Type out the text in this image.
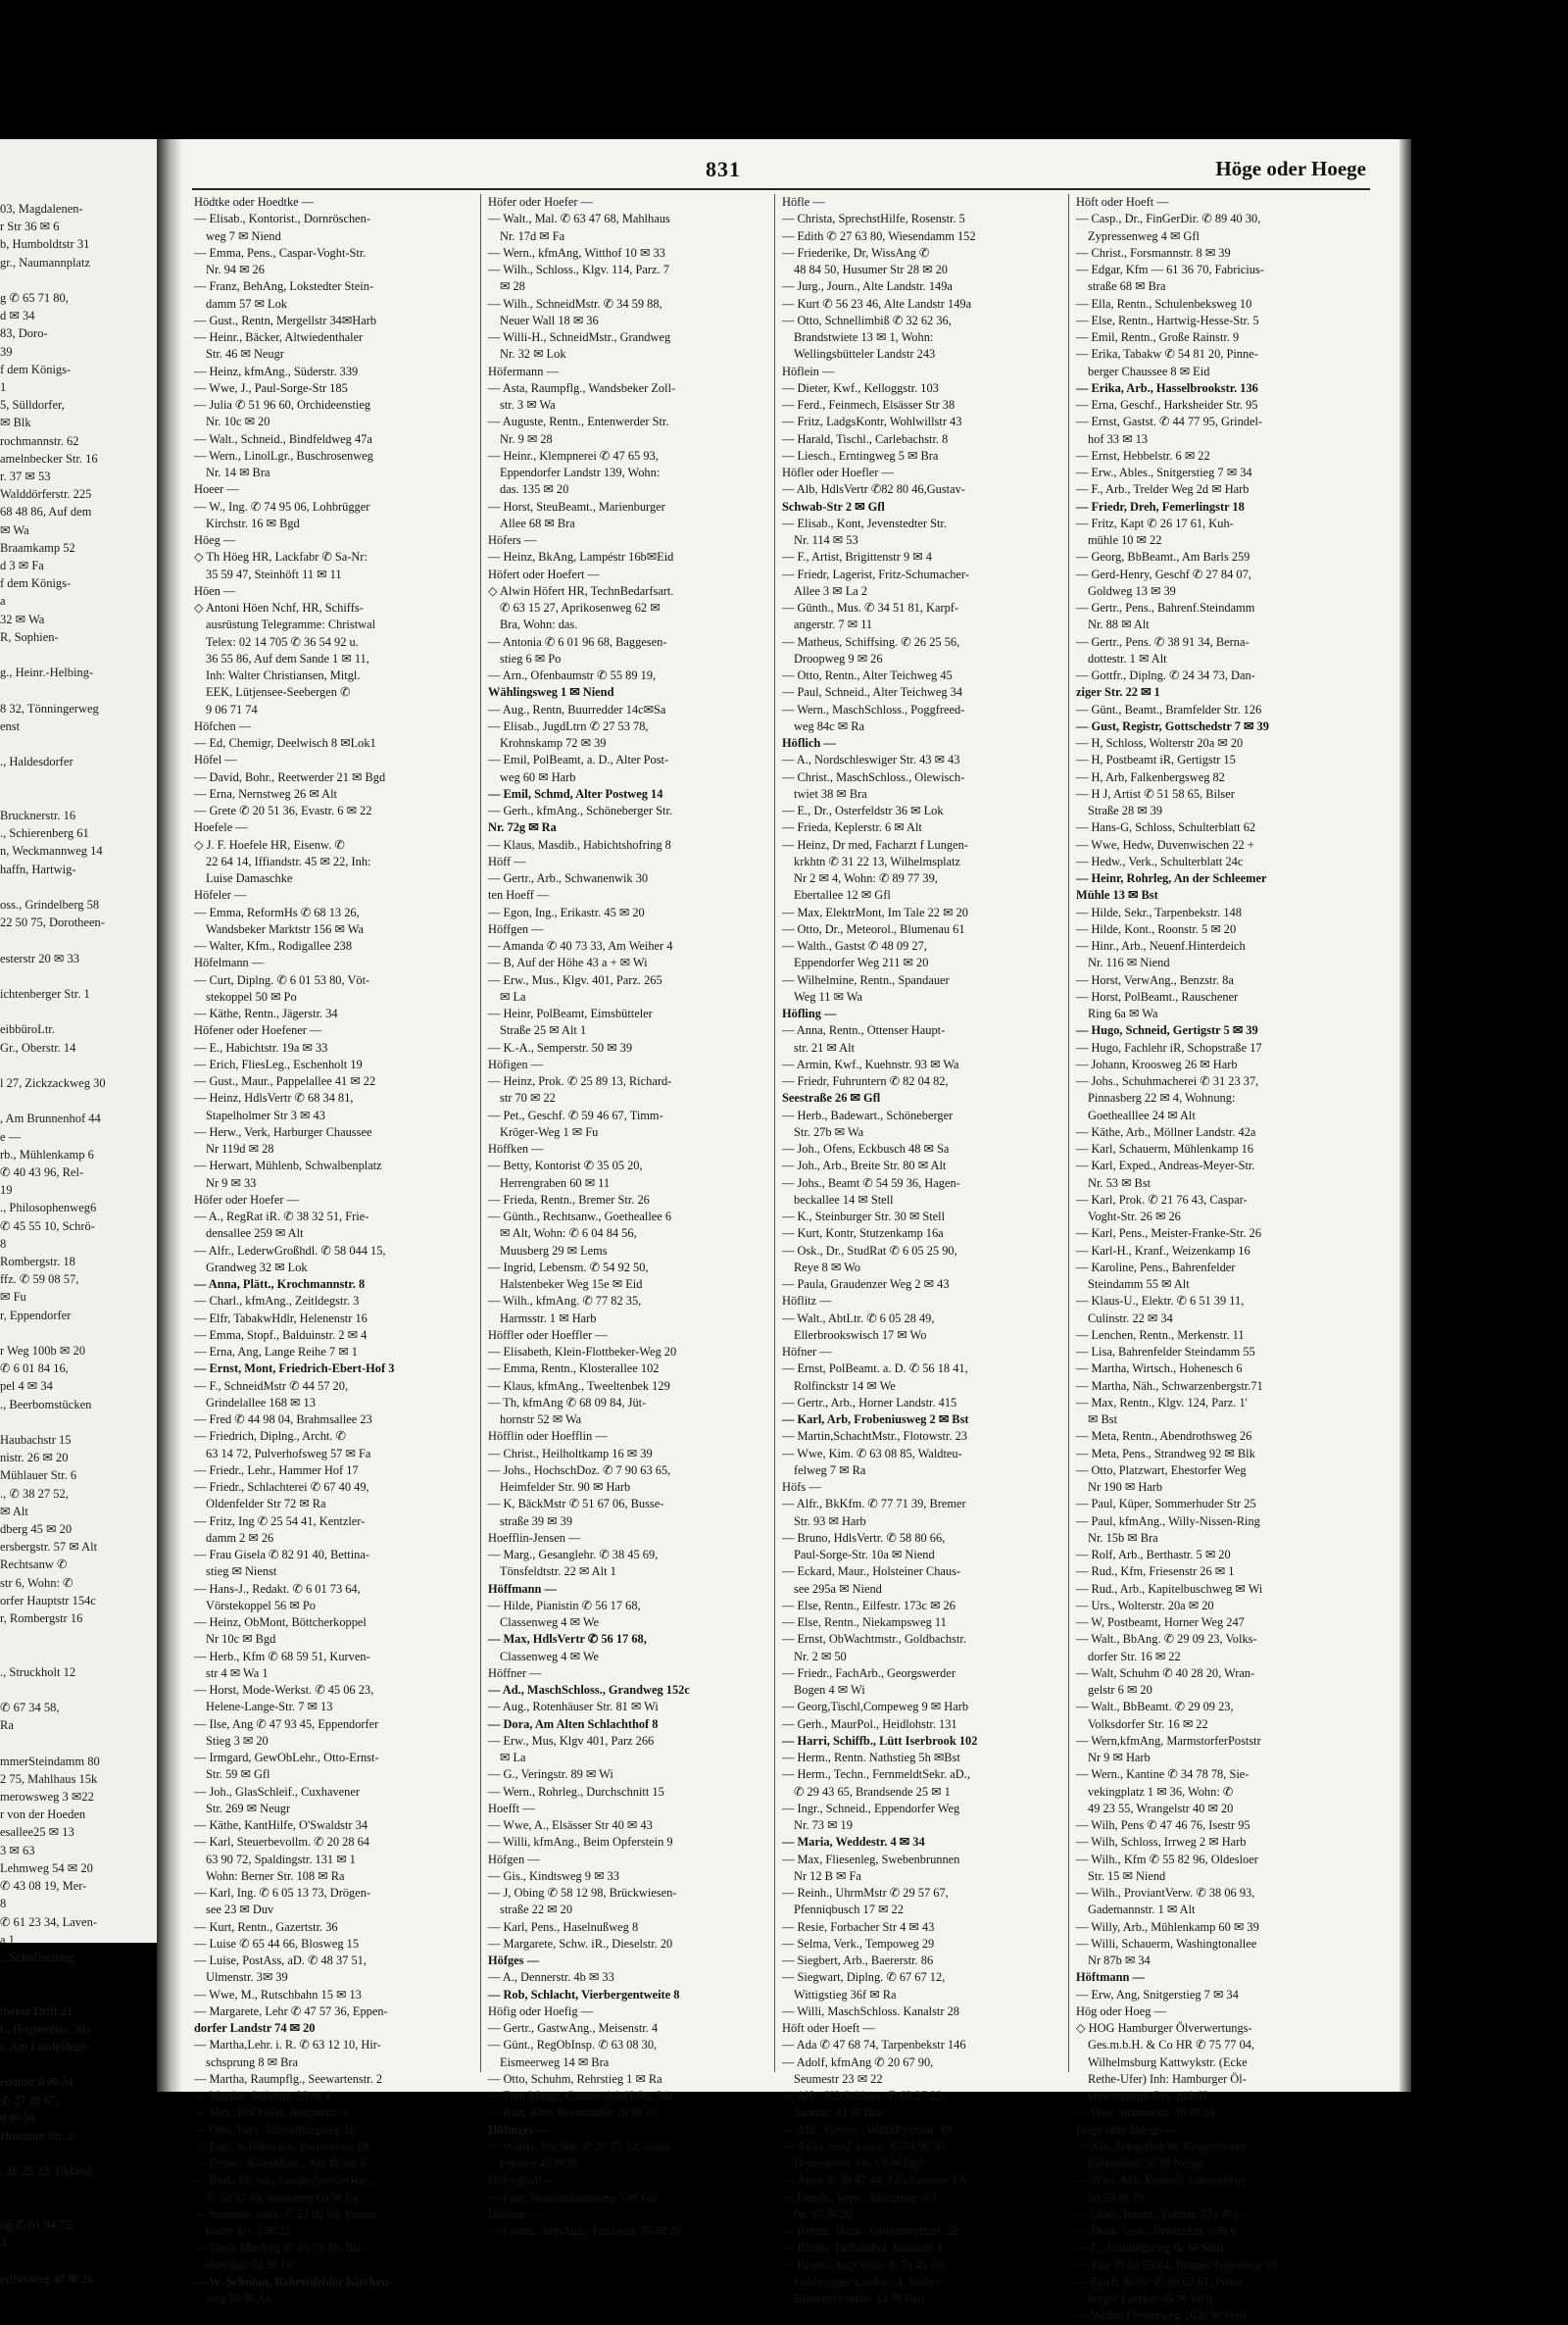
03, Magdalenen-
r Str 36 ✉ 6
b, Humboldtstr 31
gr., Naumannplatz

g ✆ 65 71 80,
d ✉ 34
83, Doro-
39
f dem Königs-
1
5, Sülldorfer,
✉ Blk
rochmannstr. 62
amelnbecker Str. 16
r. 37 ✉ 53
Walddörferstr. 225
68 48 86, Auf dem
✉ Wa
Braamkamp 52
d 3 ✉ Fa
f dem Königs-
a
32 ✉ Wa
R, Sophien-

g., Heinr.-Helbing-

8 32, Tönningerweg
enst

., Haldesdorfer

Brucknerstr. 16
., Schierenberg 61
n, Weckmannweg 14
haffn, Hartwig-

oss., Grindelberg 58
22 50 75, Dorotheen-

esterstr 20 ✉ 33

ichtenberger Str. 1

eibbüroLtr.
Gr., Oberstr. 14

l 27, Zickzackweg 30

, Am Brunnenhof 44
e —
rb., Mühlenkamp 6
✆ 40 43 96, Rel-
19
., Philosophenweg6
✆ 45 55 10, Schrö-
8
Rombergstr. 18
ffz. ✆ 59 08 57,
✉ Fu
r, Eppendorfer

r Weg 100b ✉ 20
✆ 6 01 84 16,
pel 4 ✉ 34
., Beerbomstücken

Haubachstr 15
nistr. 26 ✉ 20
Mühlauer Str. 6
., ✆ 38 27 52,
✉ Alt
dberg 45 ✉ 20
ersbergstr. 57 ✉ Alt
Rechtsanw ✆
str 6, Wohn: ✆
orfer Hauptstr 154c
r, Rombergstr 16

., Struckholt 12

✆ 67 34 58,
Ra

mmerSteindamm 80
2 75, Mahlhaus 15k
merowsweg 3 ✉22
r von der Hoeden
esallee25 ✉ 13
3 ✉ 63
Lehmweg 54 ✉ 20
✆ 43 08 19, Mer-
8
✆ 61 23 34, Laven-
a 1
., Schöfferstieg

tbeker Drift 21
r., Hogrevestr. 30a
r, Am Landpflege-

eddestr 8 ✉ 34
✆ 27 26 67,
8 ✉ 34
Husumer Str. 2

, 26 25 23, Uhland-

ng ✆ 61 94 75,
3

erthesweg 40 ✉ 26
831	Höge oder Hoege
Hödtke oder Hoedtke —
— Elisab., Kontorist., Dornröschen-
weg 7 ✉ Niend
— Emma, Pens., Caspar-Voght-Str.
Nr. 94 ✉ 26
— Franz, BehAng, Lokstedter Stein-
damm 57 ✉ Lok
— Gust., Rentn, Mergellstr 34✉Harb
— Heinr., Bäcker, Altwiedenthaler
Str. 46 ✉ Neugr
— Heinz, kfmAng., Süderstr. 339
— Wwe, J., Paul-Sorge-Str 185
— Julia ✆ 51 96 60, Orchideenstieg
Nr. 10c ✉ 20
— Walt., Schneid., Bindfeldweg 47a
— Wern., LinolLgr., Buschrosenweg
Nr. 14 ✉ Bra
Hoeer —
— W., Ing. ✆ 74 95 06, Lohbrügger
Kirchstr. 16 ✉ Bgd
Höeg —
◇ Th Höeg HR, Lackfabr ✆ Sa-Nr:
35 59 47, Steinhöft 11 ✉ 11
Höen —
◇ Antoni Höen Nchf, HR, Schiffs-
ausrüstung Telegramme: Christwal
Telex: 02 14 705 ✆ 36 54 92 u.
36 55 86, Auf dem Sande 1 ✉ 11,
Inh: Walter Christiansen, Mitgl.
EEK, Lütjensee-Seebergen ✆
9 06 71 74
Höfchen —
— Ed, Chemigr, Deelwisch 8 ✉Lok1
Höfel —
— David, Bohr., Reetwerder 21 ✉ Bgd
— Erna, Nernstweg 26 ✉ Alt
— Grete ✆ 20 51 36, Evastr. 6 ✉ 22
Hoefele —
◇ J. F. Hoefele HR, Eisenw. ✆
22 64 14, Iffiandstr. 45 ✉ 22, Inh:
Luise Damaschke
Höfeler —
— Emma, ReformHs ✆ 68 13 26,
Wandsbeker Marktstr 156 ✉ Wa
— Walter, Kfm., Rodigallee 238
Höfelmann —
— Curt, Diplng. ✆ 6 01 53 80, Vöt-
stekoppel 50 ✉ Po
— Käthe, Rentn., Jägerstr. 34
Höfener oder Hoefener —
— E., Habichtstr. 19a ✉ 33
— Erich, FliesLeg., Eschenholt 19
— Gust., Maur., Pappelallee 41 ✉ 22
— Heinz, HdlsVertr ✆ 68 34 81,
Stapelholmer Str 3 ✉ 43
— Herw., Verk, Harburger Chaussee
Nr 119d ✉ 28
— Herwart, Mühlenb, Schwalbenplatz
Nr 9 ✉ 33
Höfer oder Hoefer —
— A., RegRat iR. ✆ 38 32 51, Frie-
densallee 259 ✉ Alt
— Alfr., LederwGroßhdl. ✆ 58 044 15,
Grandweg 32 ✉ Lok
— Anna, Plätt., Krochmannstr. 8
— Charl., kfmAng., Zeitldegstr. 3
— Elfr, TabakwHdlr, Helenenstr 16
— Emma, Stopf., Balduinstr. 2 ✉ 4
— Erna, Ang, Lange Reihe 7 ✉ 1
— Ernst, Mont, Friedrich-Ebert-Hof 3
— F., SchneidMstr ✆ 44 57 20,
Grindelallee 168 ✉ 13
— Fred ✆ 44 98 04, Brahmsallee 23
— Friedrich, Diplng., Archt. ✆
63 14 72, Pulverhofsweg 57 ✉ Fa
— Friedr., Lehr., Hammer Hof 17
— Friedr., Schlachterei ✆ 67 40 49,
Oldenfelder Str 72 ✉ Ra
— Fritz, Ing ✆ 25 54 41, Kentzler-
damm 2 ✉ 26
— Frau Gisela ✆ 82 91 40, Bettina-
stieg ✉ Nienst
— Hans-J., Redakt. ✆ 6 01 73 64,
Vörstekoppel 56 ✉ Po
— Heinz, ObMont, Böttcherkoppel
Nr 10c ✉ Bgd
— Herb., Kfm ✆ 68 59 51, Kurven-
str 4 ✉ Wa 1
— Horst, Mode-Werkst. ✆ 45 06 23,
Helene-Lange-Str. 7 ✉ 13
— Ilse, Ang ✆ 47 93 45, Eppendorfer
Stieg 3 ✉ 20
— Irmgard, GewObLehr., Otto-Ernst-
Str. 59 ✉ Gfl
— Joh., GlasSchleif., Cuxhavener
Str. 269 ✉ Neugr
— Käthe, KantHilfe, O'Swaldstr 34
— Karl, Steuerbevollm. ✆ 20 28 64
63 90 72, Spaldingstr. 131 ✉ 1
Wohn: Berner Str. 108 ✉ Ra
— Karl, Ing. ✆ 6 05 13 73, Drögen-
see 23 ✉ Duv
— Kurt, Rentn., Gazertstr. 36
— Luise ✆ 65 44 66, Blosweg 15
— Luise, PostAss, aD. ✆ 48 37 51,
Ulmenstr. 3✉ 39
— Wwe, M., Rutschbahn 15 ✉ 13
— Margarete, Lehr ✆ 47 57 36, Eppen-
dorfer Landstr 74 ✉ 20
— Martha,Lehr. i. R. ✆ 63 12 10, Hir-
schsprung 8 ✉ Bra
— Martha, Raumpflg., Seewartenstr. 2
— Martha, Seilerstr. 39 ✉ 4
— Max, BbObRat, Auguststr. 3
— Otto, Pens. Bömelburgweg 16
— Paul, Schuhmach, Pastorenstr 18
— Reiner, KälteMont., Am Brink 8
— Rud., Dr. iur., LandesSozGerRat.,
✆ 53 37 49, Reekamp 60 ✉ La
— Susanne, Sekr. ✆ 23 92 64, Papen-
huder Str. 5 ✉ 22
— Theo, kfmAng ✆ 40 79 48, Bis-
marckstr 52 ✉ 19
— W, Schuhm, Bahrenfelder Kirchen-
weg 56 ✉ Alt
Höfer oder Hoefer —
— Walt., Mal. ✆ 63 47 68, Mahlhaus
Nr. 17d ✉ Fa
— Wern., kfmAng, Witthof 10 ✉ 33
— Wilh., Schloss., Klgv. 114, Parz. 7
✉ 28
— Wilh., SchneidMstr. ✆ 34 59 88,
Neuer Wall 18 ✉ 36
— Willi-H., SchneidMstr., Grandweg
Nr. 32 ✉ Lok
Höfermann —
— Asta, Raumpflg., Wandsbeker Zoll-
str. 3 ✉ Wa
— Auguste, Rentn., Entenwerder Str.
Nr. 9 ✉ 28
— Heinr., Klempnerei ✆ 47 65 93,
Eppendorfer Landstr 139, Wohn:
das. 135 ✉ 20
— Horst, SteuBeamt., Marienburger
Allee 68 ✉ Bra
Höfers —
— Heinz, BkAng, Lampéstr 16b✉Eid
Höfert oder Hoefert —
◇ Alwin Höfert HR, TechnBedarfsart.
✆ 63 15 27, Aprikosenweg 62 ✉
Bra, Wohn: das.
— Antonia ✆ 6 01 96 68, Baggesen-
stieg 6 ✉ Po
— Arn., Ofenbaumstr ✆ 55 89 19,
Wählingsweg 1 ✉ Niend
— Aug., Rentn, Buurredder 14c✉Sa
— Elisab., JugdLtrn ✆ 27 53 78,
Krohnskamp 72 ✉ 39
— Emil, PolBeamt, a. D., Alter Post-
weg 60 ✉ Harb
— Emil, Schmd, Alter Postweg 14
— Gerh., kfmAng., Schöneberger Str.
Nr. 72g ✉ Ra
— Klaus, Masdib., Habichtshofring 8
Höff —
— Gertr., Arb., Schwanenwik 30
ten Hoeff —
— Egon, Ing., Erikastr. 45 ✉ 20
Höffgen —
— Amanda ✆ 40 73 33, Am Weiher 4
— B, Auf der Höhe 43 a + ✉ Wi
— Erw., Mus., Klgv. 401, Parz. 265
✉ La
— Heinr, PolBeamt, Eimsbütteler
Straße 25 ✉ Alt 1
— K.-A., Semperstr. 50 ✉ 39
Höfigen —
— Heinz, Prok. ✆ 25 89 13, Richard-
str 70 ✉ 22
— Pet., Geschf. ✆ 59 46 67, Timm-
Kröger-Weg 1 ✉ Fu
Höffken —
— Betty, Kontorist ✆ 35 05 20,
Herrengraben 60 ✉ 11
— Frieda, Rentn., Bremer Str. 26
— Günth., Rechtsanw., Goetheallee 6
✉ Alt, Wohn: ✆ 6 04 84 56,
Muusberg 29 ✉ Lems
— Ingrid, Lebensm. ✆ 54 92 50,
Halstenbeker Weg 15e ✉ Eid
— Wilh., kfmAng. ✆ 77 82 35,
Harmsstr. 1 ✉ Harb
Höffler oder Hoeffler —
— Elisabeth, Klein-Flottbeker-Weg 20
— Emma, Rentn., Klosterallee 102
— Klaus, kfmAng., Tweeltenbek 129
— Th, kfmAng ✆ 68 09 84, Jüt-
hornstr 52 ✉ Wa
Höfflin oder Hoefflin —
— Christ., Heilholtkamp 16 ✉ 39
— Johs., HochschDoz. ✆ 7 90 63 65,
Heimfelder Str. 90 ✉ Harb
— K, BäckMstr ✆ 51 67 06, Busse-
straße 39 ✉ 39
Hoefflin-Jensen —
— Marg., Gesanglehr. ✆ 38 45 69,
Tönsfeldtstr. 22 ✉ Alt 1
Höffmann —
— Hilde, Pianistin ✆ 56 17 68,
Classenweg 4 ✉ We
— Max, HdlsVertr ✆ 56 17 68,
Classenweg 4 ✉ We
Höffner —
— Ad., MaschSchloss., Grandweg 152c
— Aug., Rotenhäuser Str. 81 ✉ Wi
— Dora, Am Alten Schlachthof 8
— Erw., Mus, Klgv 401, Parz 266
✉ La
— G., Veringstr. 89 ✉ Wi
— Wern., Rohrleg., Durchschnitt 15
Hoefft —
— Wwe, A., Elsässer Str 40 ✉ 43
— Willi, kfmAng., Beim Opferstein 9
Höfgen —
— Gis., Kindtsweg 9 ✉ 33
— J, Obing ✆ 58 12 98, Brückwiesen-
straße 22 ✉ 20
— Karl, Pens., Haselnußweg 8
— Margarete, Schw. iR., Dieselstr. 20
Höfges —
— A., Dennerstr. 4b ✉ 33
— Rob, Schlacht, Vierbergentweite 8
Höfig oder Hoefig —
— Gertr., GastwAng., Meisenstr. 4
— Günt., RegObInsp. ✆ 63 08 30,
Eismeerweg 14 ✉ Bra
— Otto, Schuhm, Rehrstieg 1 ✉ Ra
— Frau Marga, Gustav-Adolf-Str. 34c
— Rud, Kfm, Roonstraße 20 ✉ 20
Höfinger —
— Walter, Buchdr. ✆ 27 77 12, Gold-
bekufer 43 ✉39
Höfinghoff —
— Else, Windmühlenstieg 7 ✉ Gfl
Höfken —
— Günth., kfmAng., Frickestr. 55 ✉ 20
Höfle —
— Christa, SprechstHilfe, Rosenstr. 5
— Edith ✆ 27 63 80, Wiesendamm 152
— Friederike, Dr, WissAng ✆
48 84 50, Husumer Str 28 ✉ 20
— Jurg., Journ., Alte Landstr. 149a
— Kurt ✆ 56 23 46, Alte Landstr 149a
— Otto, Schnellimbiß ✆ 32 62 36,
Brandstwiete 13 ✉ 1, Wohn:
Wellingsbütteler Landstr 243
Höflein —
— Dieter, Kwf., Kelloggstr. 103
— Ferd., Feinmech, Elsässer Str 38
— Fritz, LadgsKontr, Wohlwillstr 43
— Harald, Tischl., Carlebachstr. 8
— Liesch., Erntingweg 5 ✉ Bra
Höfler oder Hoefler —
— Alb, HdlsVertr ✆82 80 46,Gustav-
Schwab-Str 2 ✉ Gfl
— Elisab., Kont, Jevenstedter Str.
Nr. 114 ✉ 53
— F., Artist, Brigittenstr 9 ✉ 4
— Friedr, Lagerist, Fritz-Schumacher-
Allee 3 ✉ La 2
— Günth., Mus. ✆ 34 51 81, Karpf-
angerstr. 7 ✉ 11
— Matheus, Schiffsing. ✆ 26 25 56,
Droopweg 9 ✉ 26
— Otto, Rentn., Alter Teichweg 45
— Paul, Schneid., Alter Teichweg 34
— Wern., MaschSchloss., Poggfreed-
weg 84c ✉ Ra
Höflich —
— A., Nordschleswiger Str. 43 ✉ 43
— Christ., MaschSchloss., Olewisch-
twiet 38 ✉ Bra
— E., Dr., Osterfeldstr 36 ✉ Lok
— Frieda, Keplerstr. 6 ✉ Alt
— Heinz, Dr med, Facharzt f Lungen-
krkhtn ✆ 31 22 13, Wilhelmsplatz
Nr 2 ✉ 4, Wohn: ✆ 89 77 39,
Ebertallee 12 ✉ Gfl
— Max, ElektrMont, Im Tale 22 ✉ 20
— Otto, Dr., Meteorol., Blumenau 61
— Walth., Gastst ✆ 48 09 27,
Eppendorfer Weg 211 ✉ 20
— Wilhelmine, Rentn., Spandauer
Weg 11 ✉ Wa
Höfling —
— Anna, Rentn., Ottenser Haupt-
str. 21 ✉ Alt
— Armin, Kwf., Kuehnstr. 93 ✉ Wa
— Friedr, Fuhruntern ✆ 82 04 82,
Seestraße 26 ✉ Gfl
— Herb., Badewart., Schöneberger
Str. 27b ✉ Wa
— Joh., Ofens, Eckbusch 48 ✉ Sa
— Joh., Arb., Breite Str. 80 ✉ Alt
— Johs., Beamt ✆ 54 59 36, Hagen-
beckallee 14 ✉ Stell
— K., Steinburger Str. 30 ✉ Stell
— Kurt, Kontr, Stutzenkamp 16a
— Osk., Dr., StudRat ✆ 6 05 25 90,
Reye 8 ✉ Wo
— Paula, Graudenzer Weg 2 ✉ 43
Höflitz —
— Walt., AbtLtr. ✆ 6 05 28 49,
Ellerbrookswisch 17 ✉ Wo
Höfner —
— Ernst, PolBeamt. a. D. ✆ 56 18 41,
Rolfinckstr 14 ✉ We
— Gertr., Arb., Horner Landstr. 415
— Karl, Arb, Frobeniusweg 2 ✉ Bst
— Martin,SchachtMstr., Flotowstr. 23
— Wwe, Kim. ✆ 63 08 85, Waldteu-
felweg 7 ✉ Ra
Höfs —
— Alfr., BkKfm. ✆ 77 71 39, Bremer
Str. 93 ✉ Harb
— Bruno, HdlsVertr. ✆ 58 80 66,
Paul-Sorge-Str. 10a ✉ Niend
— Eckard, Maur., Holsteiner Chaus-
see 295a ✉ Niend
— Else, Rentn., Eilfestr. 173c ✉ 26
— Else, Rentn., Niekampsweg 11
— Ernst, ObWachtmstr., Goldbachstr.
Nr. 2 ✉ 50
— Friedr., FachArb., Georgswerder
Bogen 4 ✉ Wi
— Georg,Tischl,Compeweg 9 ✉ Harb
— Gerh., MaurPol., Heidlohstr. 131
— Harri, Schiffb., Lütt Iserbrook 102
— Herm., Rentn. Nathstieg 5h ✉Bst
— Herm., Techn., FernmeldtSekr. aD.,
✆ 29 43 65, Brandsende 25 ✉ 1
— Ingr., Schneid., Eppendorfer Weg
Nr. 73 ✉ 19
— Maria, Weddestr. 4 ✉ 34
— Max, Fliesenleg, Swebenbrunnen
Nr 12 B ✉ Fa
— Reinh., UhrmMstr ✆ 29 57 67,
Pfenniqbusch 17 ✉ 22
— Resie, Forbacher Str 4 ✉ 43
— Selma, Verk., Tempoweg 29
— Siegbert, Arb., Baererstr. 86
— Siegwart, Diplng. ✆ 67 67 12,
Wittigstieg 36f ✉ Ra
— Willi, MaschSchloss. Kanalstr 28
Höft oder Hoeft —
— Ada ✆ 47 68 74, Tarpenbekstr 146
— Adolf, kfmAng ✆ 20 67 90,
Seumestr 23 ✉ 22
— Alfr., KfzSchloss. ✆ 63 27 23,
Sandstr. 41 ✉ Bra
— Alfr., Grünw., Walddörferstr. 19
— Anita, med.Assist. ✆ 74 90 30,
Bergedorfer Str. 19 ✉ Bgd
— Anna ✆ 38 47 44, Elbchaussee 5 8
— Bernh., Verw., Martinistr. 83
Nr. 67 ✉ 20
— Bernh., Bäck., Grumbrechtstr. 52
— Bruno, TiefbauPol, Klausstr 1
— Bruno, AugOptik. ✆ 71 41 50,
Lohbrügger Landstr. 4, Wohn:
Binnenfelredder 13 ✉ Bgd
Höft oder Hoeft —
— Casp., Dr., FinGerDir. ✆ 89 40 30,
Zypressenweg 4 ✉ Gfl
— Christ., Forsmannstr. 8 ✉ 39
— Edgar, Kfm — 61 36 70, Fabricius-
straße 68 ✉ Bra
— Ella, Rentn., Schulenbeksweg 10
— Else, Rentn., Hartwig-Hesse-Str. 5
— Emil, Rentn., Große Rainstr. 9
— Erika, Tabakw ✆ 54 81 20, Pinne-
berger Chaussee 8 ✉ Eid
— Erika, Arb., Hasselbrookstr. 136
— Erna, Geschf., Harksheider Str. 95
— Ernst, Gastst. ✆ 44 77 95, Grindel-
hof 33 ✉ 13
— Ernst, Hebbelstr. 6 ✉ 22
— Erw., Ables., Snitgerstieg 7 ✉ 34
— F., Arb., Trelder Weg 2d ✉ Harb
— Friedr, Dreh, Femerlingstr 18
— Fritz, Kapt ✆ 26 17 61, Kuh-
mühle 10 ✉ 22
— Georg, BbBeamt., Am Barls 259
— Gerd-Henry, Geschf ✆ 27 84 07,
Goldweg 13 ✉ 39
— Gertr., Pens., Bahrenf.Steindamm
Nr. 88 ✉ Alt
— Gertr., Pens. ✆ 38 91 34, Berna-
dottestr. 1 ✉ Alt
— Gottfr., Diplng. ✆ 24 34 73, Dan-
ziger Str. 22 ✉ 1
— Günt., Beamt., Bramfelder Str. 126
— Gust, Registr, Gottschedstr 7 ✉ 39
— H, Schloss, Wolterstr 20a ✉ 20
— H, Postbeamt iR, Gertigstr 15
— H, Arb, Falkenbergsweg 82
— H J, Artist ✆ 51 58 65, Bilser
Straße 28 ✉ 39
— Hans-G, Schloss, Schulterblatt 62
— Wwe, Hedw, Duvenwischen 22 +
— Hedw., Verk., Schulterblatt 24c
— Heinr, Rohrleg, An der Schleemer
Mühle 13 ✉ Bst
— Hilde, Sekr., Tarpenbekstr. 148
— Hilde, Kont., Roonstr. 5 ✉ 20
— Hinr., Arb., Neuenf.Hinterdeich
Nr. 116 ✉ Niend
— Horst, VerwAng., Benzstr. 8a
— Horst, PolBeamt., Rauschener
Ring 6a ✉ Wa
— Hugo, Schneid, Gertigstr 5 ✉ 39
— Hugo, Fachlehr iR, Schopstraße 17
— Johann, Kroosweg 26 ✉ Harb
— Johs., Schuhmacherei ✆ 31 23 37,
Pinnasberg 22 ✉ 4, Wohnung:
Goethealllee 24 ✉ Alt
— Käthe, Arb., Möllner Landstr. 42a
— Karl, Schauerm, Mühlenkamp 16
— Karl, Exped., Andreas-Meyer-Str.
Nr. 53 ✉ Bst
— Karl, Prok. ✆ 21 76 43, Caspar-
Voght-Str. 26 ✉ 26
— Karl, Pens., Meister-Franke-Str. 26
— Karl-H., Kranf., Weizenkamp 16
— Karoline, Pens., Bahrenfelder
Steindamm 55 ✉ Alt
— Klaus-U., Elektr. ✆ 6 51 39 11,
Culinstr. 22 ✉ 34
— Lenchen, Rentn., Merkenstr. 11
— Lisa, Bahrenfelder Steindamm 55
— Martha, Wirtsch., Hohenesch 6
— Martha, Näh., Schwarzenbergstr.71
— Max, Rentn., Klgv. 124, Parz. 1'
✉ Bst
— Meta, Rentn., Abendrothsweg 26
— Meta, Pens., Strandweg 92 ✉ Blk
— Otto, Platzwart, Ehestorfer Weg
Nr 190 ✉ Harb
— Paul, Küper, Sommerhuder Str 25
— Paul, kfmAng., Willy-Nissen-Ring
Nr. 15b ✉ Bra
— Rolf, Arb., Berthastr. 5 ✉ 20
— Rud., Kfm, Friesenstr 26 ✉ 1
— Rud., Arb., Kapitelbuschweg ✉ Wi
— Urs., Wolterstr. 20a ✉ 20
— W, Postbeamt, Horner Weg 247
— Walt., BbAng. ✆ 29 09 23, Volks-
dorfer Str. 16 ✉ 22
— Walt, Schuhm ✆ 40 28 20, Wran-
gelstr 6 ✉ 20
— Walt., BbBeamt. ✆ 29 09 23,
Volksdorfer Str. 16 ✉ 22
— Wern,kfmAng, MarmstorferPoststr
Nr 9 ✉ Harb
— Wern., Kantine ✆ 34 78 78, Sie-
vekingplatz 1 ✉ 36, Wohn: ✆
49 23 55, Wrangelstr 40 ✉ 20
— Wilh, Pens ✆ 47 46 76, Isestr 95
— Wilh, Schloss, Irrweg 2 ✉ Harb
— Wilh., Kfm ✆ 55 82 96, Oldesloer
Str. 15 ✉ Niend
— Wilh., ProviantVerw. ✆ 38 06 93,
Gademannstr. 1 ✉ Alt
— Willy, Arb., Mühlenkamp 60 ✉ 39
— Willi, Schauerm, Washingtonallee
Nr 87b ✉ 34
Höftmann —
— Erw, Ang, Snitgerstieg 7 ✉ 34
Hög oder Hoeg —
◇ HOG Hamburger Ölverwertungs-
Ges.m.b.H. & Co HR ✆ 75 77 04,
Wilhelmsburg Kattwykstr. (Ecke
Rethe-Ufer) Inh: Hamburger Öl-
verwertungs-Ges. m.b.H.
— Ove, Stresowstr. 36 ✉ 28
Höge oder Hoege —
— Alb, TelegrBetrW, Neugrabener
Bahnhofstr 56 ✉ Neugr
— Wwe Alw, Reinnfr, Lutterothstr
Nr 53 ✉ 19
— Clara, Rentn., Feldstr. 37a ✉ 6
— Dora, Verk., Rentzelstr. 5 ✉ 6
— E., Gräningstieg 8c ✉ Stell
— Ella ✆ 02 65 84, Baumschulenweg 19
— Erich, Kolw ✆ 40 62 61, Pinne
berger Landstr 45 ✉ Stell
— Wohn: Försterweg 102a ✉ Stell
